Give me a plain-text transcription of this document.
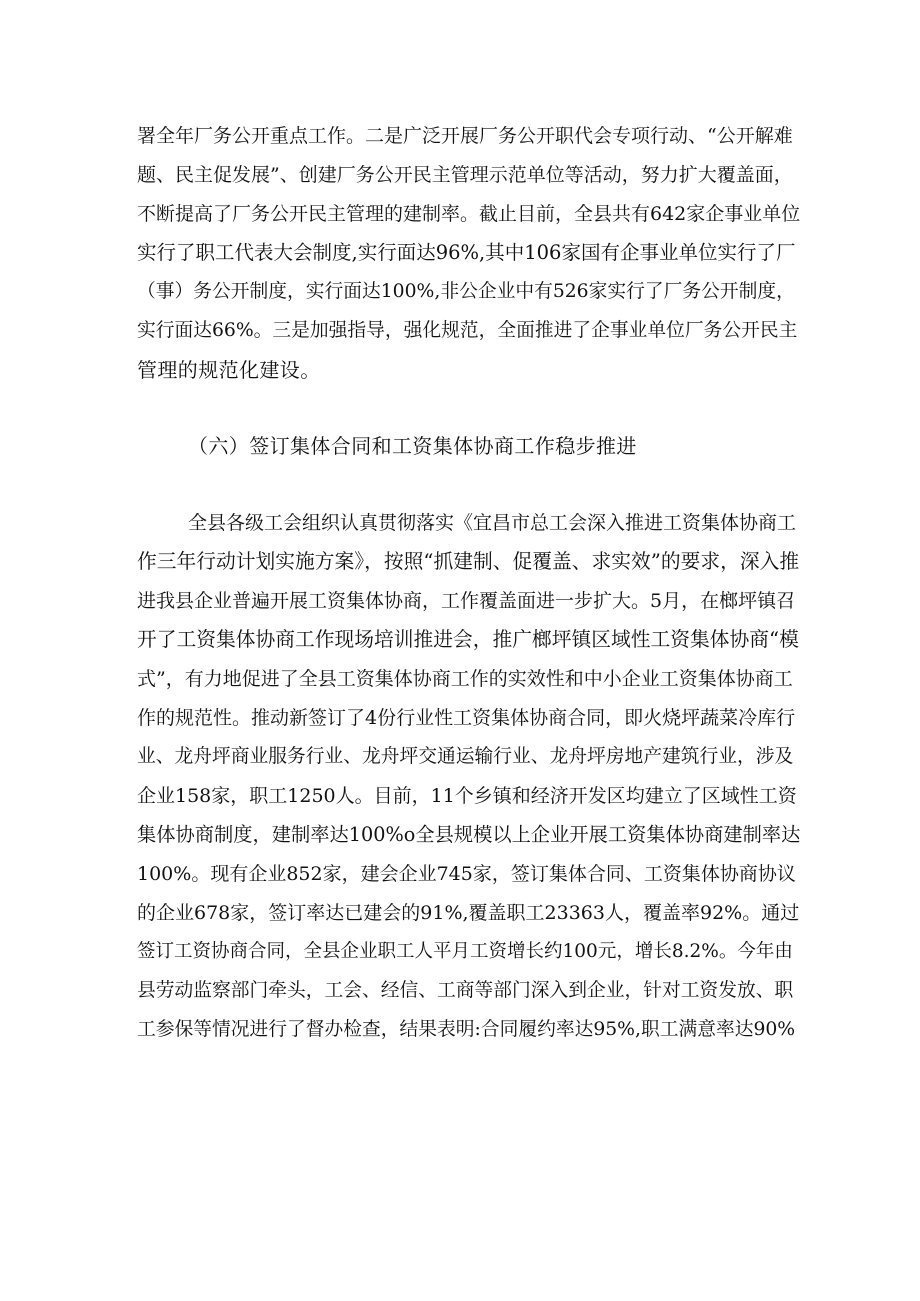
署全年厂务公开重点工作。二是广泛开展厂务公开职代会专项行动、“公开解难
题、民主促发展”、创建厂务公开民主管理示范单位等活动，努力扩大覆盖面，
不断提高了厂务公开民主管理的建制率。截止目前，全县共有642家企事业单位
实行了职工代表大会制度,实行面达96%,其中106家国有企事业单位实行了厂
（事）务公开制度，实行面达100%,非公企业中有526家实行了厂务公开制度，
实行面达66%。三是加强指导，强化规范，全面推进了企事业单位厂务公开民主
管理的规范化建设。
（六）签订集体合同和工资集体协商工作稳步推进
全县各级工会组织认真贯彻落实《宜昌市总工会深入推进工资集体协商工
作三年行动计划实施方案》，按照“抓建制、促覆盖、求实效”的要求，深入推
进我县企业普遍开展工资集体协商，工作覆盖面进一步扩大。5月，在榔坪镇召
开了工资集体协商工作现场培训推进会，推广榔坪镇区域性工资集体协商“模
式”，有力地促进了全县工资集体协商工作的实效性和中小企业工资集体协商工
作的规范性。推动新签订了4份行业性工资集体协商合同，即火烧坪蔬菜冷库行
业、龙舟坪商业服务行业、龙舟坪交通运输行业、龙舟坪房地产建筑行业，涉及
企业158家，职工1250人。目前，11个乡镇和经济开发区均建立了区域性工资
集体协商制度，建制率达100%o全县规模以上企业开展工资集体协商建制率达
100%。现有企业852家，建会企业745家，签订集体合同、工资集体协商协议
的企业678家，签订率达已建会的91%,覆盖职工23363人，覆盖率92%。通过
签订工资协商合同，全县企业职工人平月工资增长约100元，增长8.2%。今年由
县劳动监察部门牵头，工会、经信、工商等部门深入到企业，针对工资发放、职
工参保等情况进行了督办检查，结果表明:合同履约率达95%,职工满意率达90%
